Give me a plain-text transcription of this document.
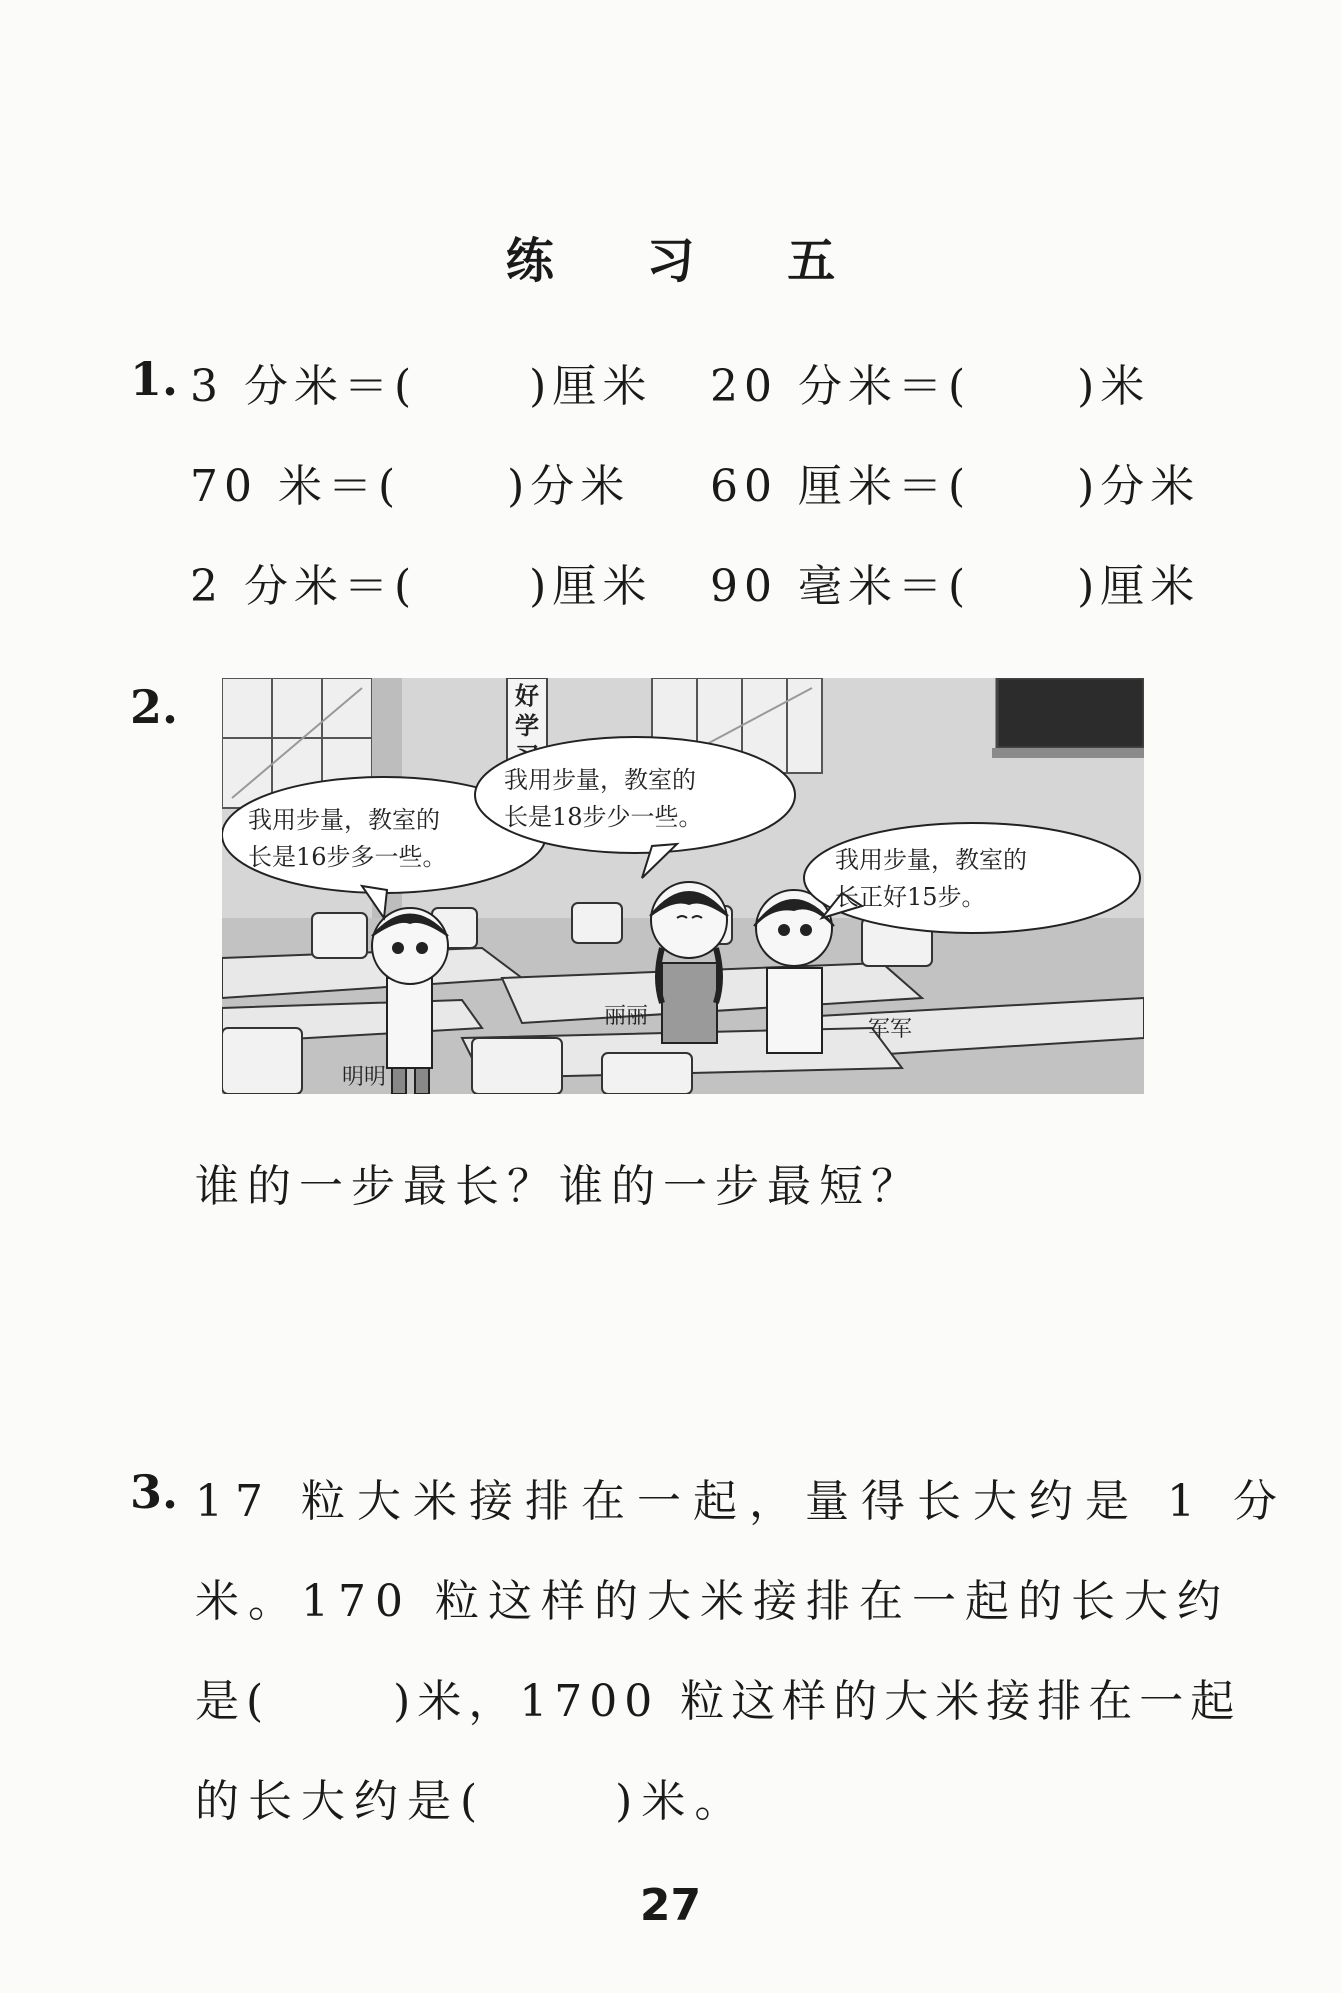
练 习 五
1. 3 分米＝(	)厘米 20 分米＝( )米
70 米＝( )分米 60 厘米＝( )分米
2 分米＝(	)厘米 90 毫米＝( )厘米
2.	好
学
我用步量，教室的
长是16步多一些。
我用步量，教室的
长是18步少一些。
我用步量，教室的
长正好15步。
明明
丽丽
军军
谁的一步最长？谁的一步最短？
3. 17 粒大米接排在一起，量得长大约是 1 分
米。170 粒这样的大米接排在一起的长大约
是(　　 )米，1700 粒这样的大米接排在一起
的长大约是(　　 )米。
27
